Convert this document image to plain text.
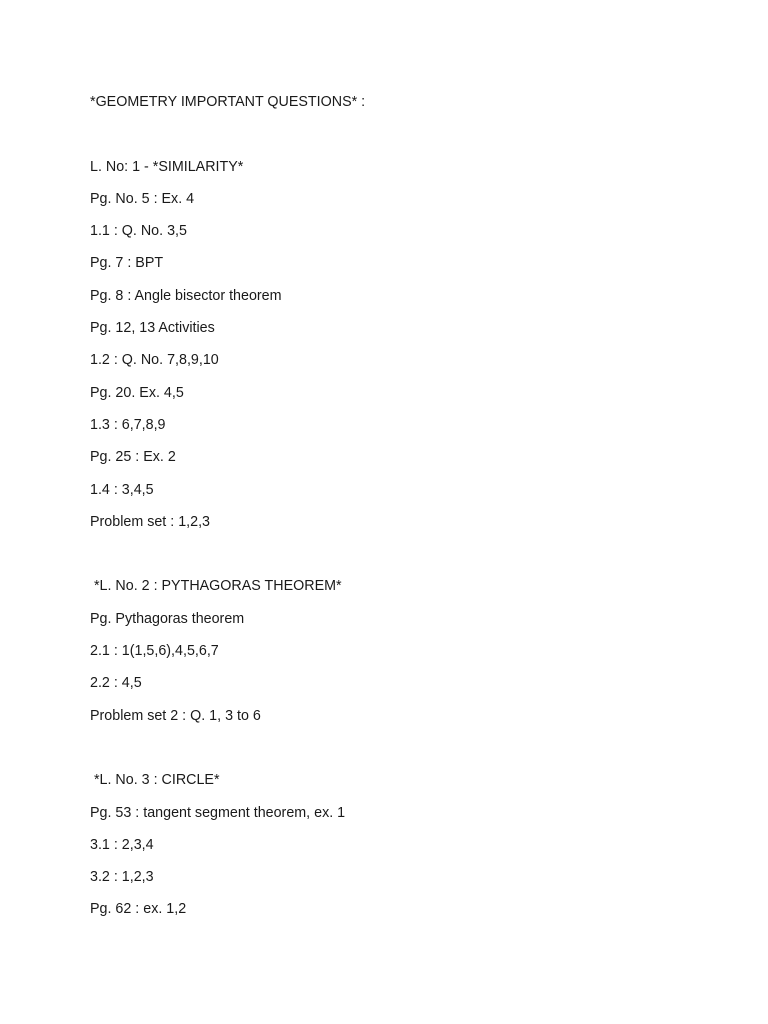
*GEOMETRY IMPORTANT QUESTIONS* :
L. No: 1 - *SIMILARITY*
Pg. No. 5 : Ex. 4
1.1 : Q. No. 3,5
Pg. 7 : BPT
Pg. 8 : Angle bisector theorem
Pg. 12, 13 Activities
1.2 : Q. No. 7,8,9,10
Pg. 20. Ex. 4,5
1.3 : 6,7,8,9
Pg. 25 : Ex. 2
1.4 : 3,4,5
Problem set : 1,2,3
*L. No. 2 : PYTHAGORAS THEOREM*
Pg. Pythagoras theorem
2.1 : 1(1,5,6),4,5,6,7
2.2 : 4,5
Problem set 2 : Q. 1, 3 to 6
*L. No. 3 : CIRCLE*
Pg. 53 : tangent segment theorem, ex. 1
3.1 : 2,3,4
3.2 : 1,2,3
Pg. 62 : ex. 1,2
